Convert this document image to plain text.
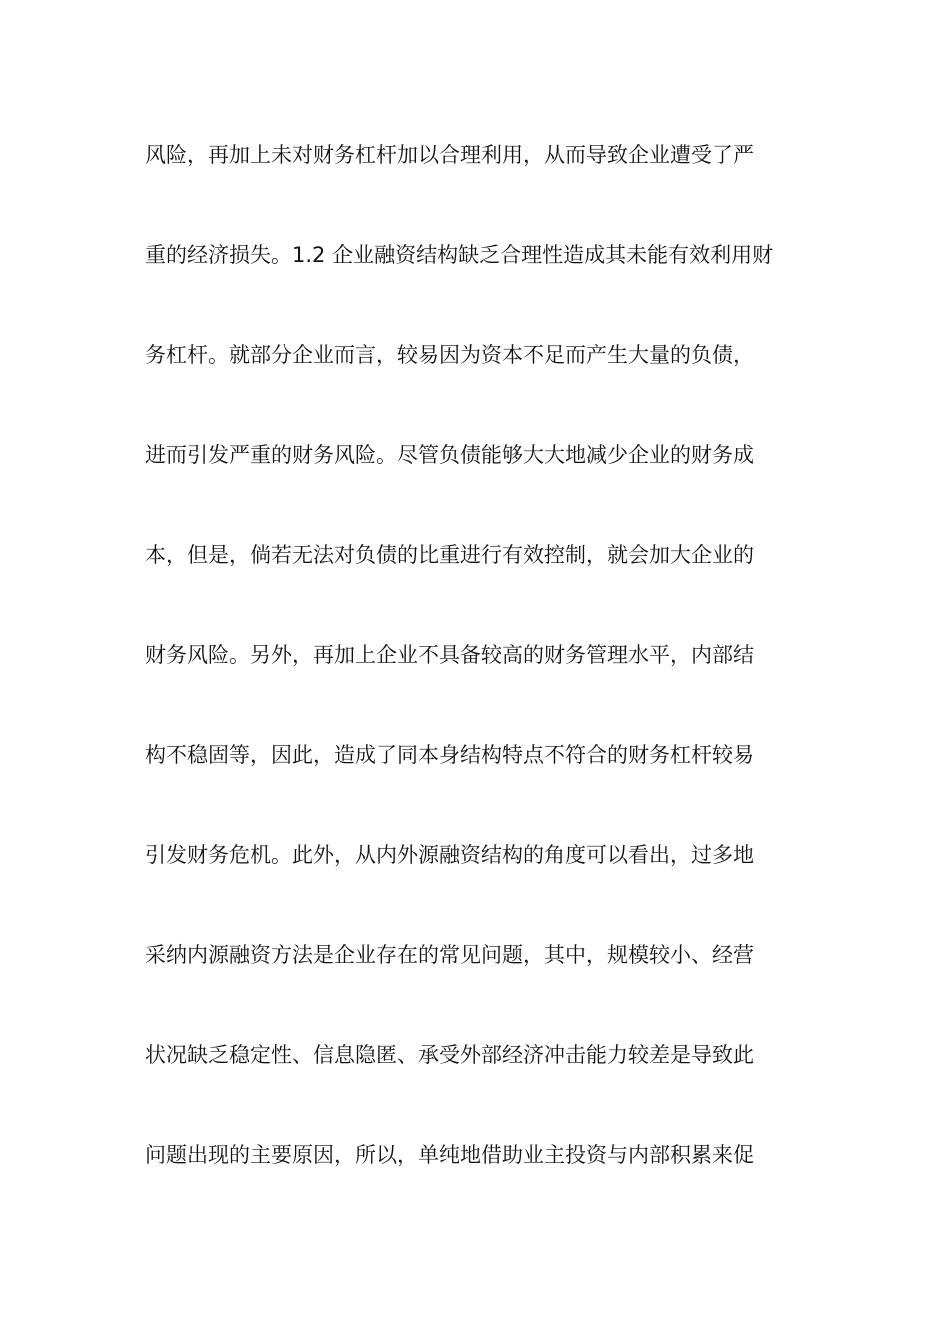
风险，再加上未对财务杠杆加以合理利用，从而导致企业遭受了严
重的经济损失。1.2 企业融资结构缺乏合理性造成其未能有效利用财
务杠杆。就部分企业而言，较易因为资本不足而产生大量的负债，
进而引发严重的财务风险。尽管负债能够大大地减少企业的财务成
本，但是，倘若无法对负债的比重进行有效控制，就会加大企业的
财务风险。另外，再加上企业不具备较高的财务管理水平，内部结
构不稳固等，因此，造成了同本身结构特点不符合的财务杠杆较易
引发财务危机。此外，从内外源融资结构的角度可以看出，过多地
采纳内源融资方法是企业存在的常见问题，其中，规模较小、经营
状况缺乏稳定性、信息隐匿、承受外部经济冲击能力较差是导致此
问题出现的主要原因，所以，单纯地借助业主投资与内部积累来促
